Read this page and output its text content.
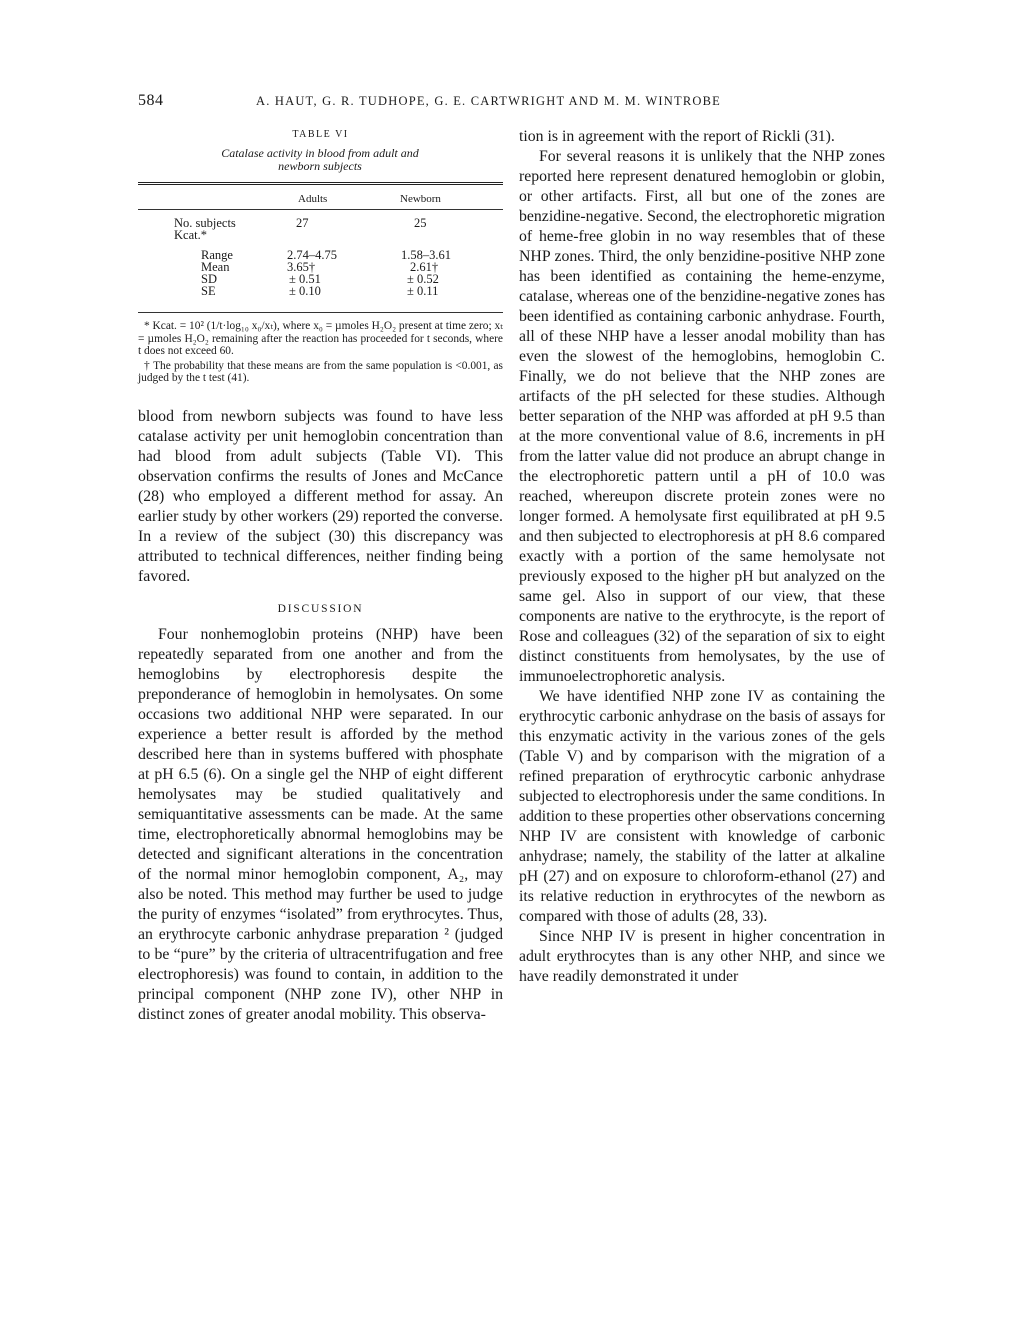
584	A. HAUT, G. R. TUDHOPE, G. E. CARTWRIGHT AND M. M. WINTROBE
TABLE VI
Catalase activity in blood from adult and newborn subjects
Adults	Newborn
No. subjects	27	25
Kcat.*
Range	2.74–4.75	1.58–3.61
Mean	3.65†	2.61†
SD	± 0.51	± 0.52
SE	± 0.10	± 0.11

* Kcat. = 10² (1/t·log₁₀ x₀/xₜ), where x₀ = µmoles H₂O₂ present at time zero; xₜ = µmoles H₂O₂ remaining after the reaction has proceeded for t seconds, where t does not exceed 60.

† The probability that these means are from the same population is <0.001, as judged by the t test (41).

blood from newborn subjects was found to have less catalase activity per unit hemoglobin concentration than had blood from adult subjects (Table VI). This observation confirms the results of Jones and McCance (28) who employed a different method for assay. An earlier study by other workers (29) reported the converse. In a review of the subject (30) this discrepancy was attributed to technical differences, neither finding being favored.

DISCUSSION

Four nonhemoglobin proteins (NHP) have been repeatedly separated from one another and from the hemoglobins by electrophoresis despite the preponderance of hemoglobin in hemolysates. On some occasions two additional NHP were separated. In our experience a better result is afforded by the method described here than in systems buffered with phosphate at pH 6.5 (6). On a single gel the NHP of eight different hemolysates may be studied qualitatively and semiquantitative assessments can be made. At the same time, electrophoretically abnormal hemoglobins may be detected and significant alterations in the concentration of the normal minor hemoglobin component, A₂, may also be noted. This method may further be used to judge the purity of enzymes “isolated” from erythrocytes. Thus, an erythrocyte carbonic anhydrase preparation ² (judged to be “pure” by the criteria of ultracentrifugation and free electrophoresis) was found to contain, in addition to the principal component (NHP zone IV), other NHP in distinct zones of greater anodal mobility. This observa-

tion is in agreement with the report of Rickli (31).

For several reasons it is unlikely that the NHP zones reported here represent denatured hemoglobin or globin, or other artifacts. First, all but one of the zones are benzidine-negative. Second, the electrophoretic migration of heme-free globin in no way resembles that of these NHP zones. Third, the only benzidine-positive NHP zone has been identified as containing the heme-enzyme, catalase, whereas one of the benzidine-negative zones has been identified as containing carbonic anhydrase. Fourth, all of these NHP have a lesser anodal mobility than has even the slowest of the hemoglobins, hemoglobin C. Finally, we do not believe that the NHP zones are artifacts of the pH selected for these studies. Although better separation of the NHP was afforded at pH 9.5 than at the more conventional value of 8.6, increments in pH from the latter value did not produce an abrupt change in the electrophoretic pattern until a pH of 10.0 was reached, whereupon discrete protein zones were no longer formed. A hemolysate first equilibrated at pH 9.5 and then subjected to electrophoresis at pH 8.6 compared exactly with a portion of the same hemolysate not previously exposed to the higher pH but analyzed on the same gel. Also in support of our view, that these components are native to the erythrocyte, is the report of Rose and colleagues (32) of the separation of six to eight distinct constituents from hemolysates, by the use of immunoelectrophoretic analysis.

We have identified NHP zone IV as containing the erythrocytic carbonic anhydrase on the basis of assays for this enzymatic activity in the various zones of the gels (Table V) and by comparison with the migration of a refined preparation of erythrocytic carbonic anhydrase subjected to electrophoresis under the same conditions. In addition to these properties other observations concerning NHP IV are consistent with knowledge of carbonic anhydrase; namely, the stability of the latter at alkaline pH (27) and on exposure to chloroform-ethanol (27) and its relative reduction in erythrocytes of the newborn as compared with those of adults (28, 33).

Since NHP IV is present in higher concentration in adult erythrocytes than is any other NHP, and since we have readily demonstrated it under
